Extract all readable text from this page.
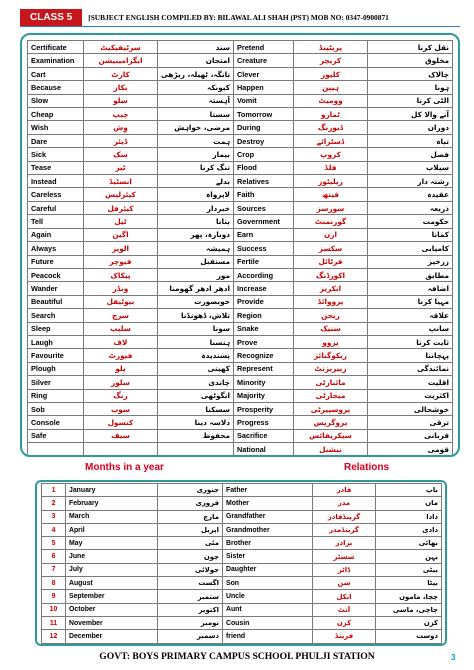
CLASS 5	[SUBJECT ENGLISH COMPILED BY: BILAWAL ALI SHAH (PST) MOB NO: 0347-0900871
Certificate	سرٹیفیکیٹ	سند	Pretend	پریٹینڈ	نقل کرنا
Examination	ایگزامینیشن	امتحان	Creature	کریچر	مخلوق
Cart	کارٹ	تانگہ، ٹھیلہ، ریڑھی	Clever	کلیور	چالاک
Because	بکاز	کیونکہ	Happen	ہیپن	ہونا
Slow	سلو	آہستہ	Vomit	وومیٹ	الٹی کرنا
Cheap	چیپ	سستا	Tomorrow	ٹمارو	آنے والا کل
Wish	وِش	مرضی، خواہش	During	ڈیورنگ	دوران
Dare	ڈیئر	ہمت	Destroy	ڈسٹرائے	تباہ
Sick	سک	بیمار	Crop	کروپ	فصل
Tease	ٹیز	تنگ کرنا	Flood	فلڈ	سیلاب
Instead	انسٹیڈ	بدلے	Relatives	ریلیٹوز	رشتہ دار
Careless	کیئرلیس	لاپرواہ	Faith	فیتھ	عقیدہ
Careful	کیئرفل	خبردار	Sources	سورسز	ذریعہ
Tell	ٹیل	بتانا	Government	گورنمنٹ	حکومت
Again	اگین	دوبارہ، پھر	Earn	ارن	کمانا
Always	الویز	ہمیشہ	Success	سکسز	کامیابی
Future	فیوچر	مستقبل	Fertile	فرٹائل	زرخیز
Peacock	پیکاک	مور	According	اکورڈنگ	مطابق
Wander	ونڈر	ادھر ادھر گھومنا	Increase	انکریز	اضافہ
Beautiful	بیوٹیفل	خوبصورت	Provide	پرووائڈ	مہیا کرنا
Search	سرچ	تلاش، ڈھونڈنا	Region	ریجن	علاقہ
Sleep	سلیپ	سونا	Snake	سنیک	سانپ
Laugh	لاف	ہنسنا	Prove	پروو	ثابت کرنا
Favourite	فیورٹ	پسندیدہ	Recognize	ریکوگنائز	پہچاننا
Plough	پلو	کھیتی	Represent	ریپریزنٹ	نمائندگی
Silver	سلور	چاندی	Minority	مائنارٹی	اقلیت
Ring	رنگ	انگوٹھی	Majority	میجارٹی	اکثریت
Sob	سوب	سسکنا	Prosperity	پروسپیرٹی	خوشحالی
Console	کنسول	دلاسہ دینا	Progress	پروگریس	ترقی
Safe	سیف	محفوظ	Sacrifice	سیکریفائس	قربانی
			National	نیشنل	قومی
Months in a year	Relations
1	January	جنوری	Father	فادر	باپ
2	February	فروری	Mother	مدر	ماں
3	March	مارچ	Grandfather	گرینڈفادر	دادا
4	April	اپریل	Grandmother	گرینڈمدر	دادی
5	May	مئی	Brother	برادر	بھائی
6	June	جون	Sister	سسٹر	بہن
7	July	جولائی	Daughter	ڈاٹر	بیٹی
8	August	اگست	Son	سن	بیٹا
9	September	ستمبر	Uncle	انکل	چچا، ماموں
10	October	اکتوبر	Aunt	آنٹ	چاچی، ماسی
11	November	نومبر	Cousin	کزن	کزن
12	December	دسمبر	friend	فرینڈ	دوست
GOVT: BOYS PRIMARY CAMPUS SCHOOL PHULJI STATION	3
